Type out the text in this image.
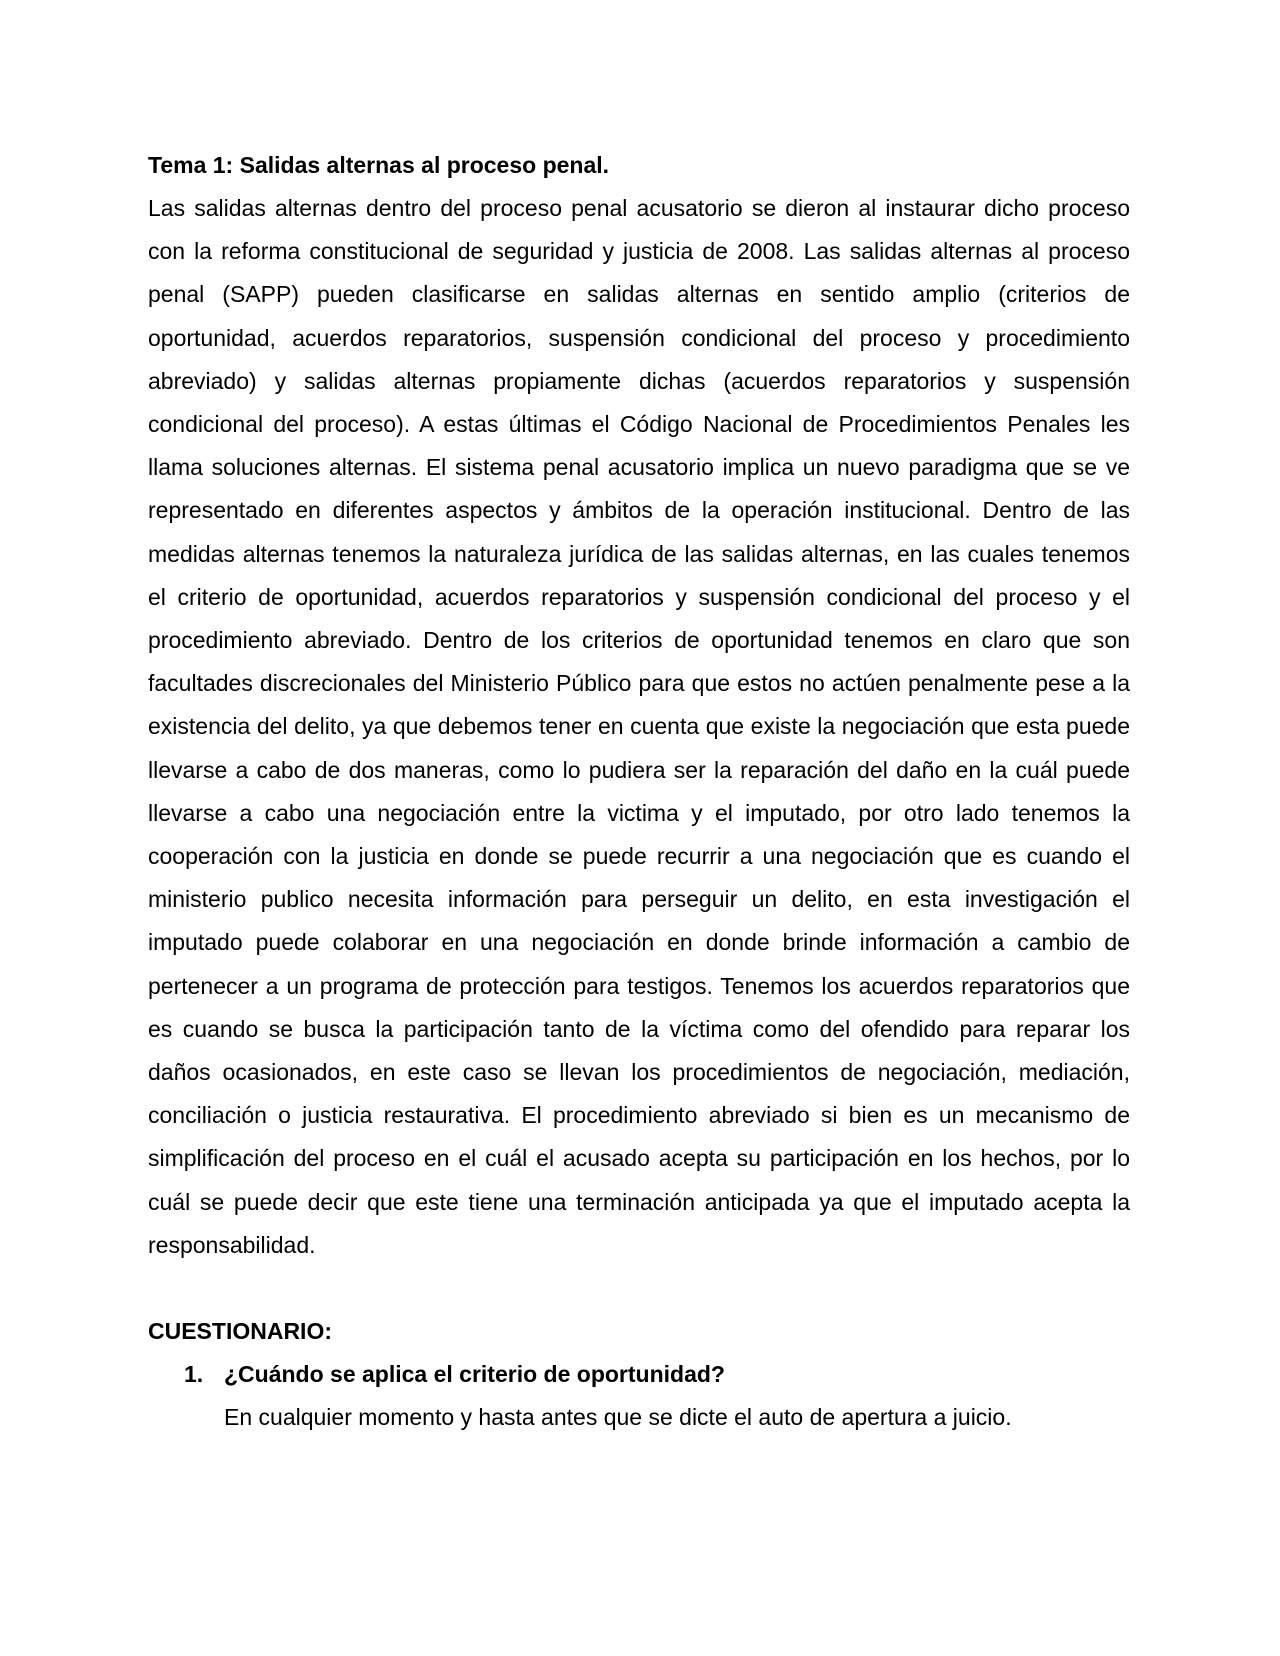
Tema 1: Salidas alternas al proceso penal.

Las salidas alternas dentro del proceso penal acusatorio se dieron al instaurar dicho proceso con la reforma constitucional de seguridad y justicia de 2008. Las salidas alternas al proceso penal (SAPP) pueden clasificarse en salidas alternas en sentido amplio (criterios de oportunidad, acuerdos reparatorios, suspensión condicional del proceso y procedimiento abreviado) y salidas alternas propiamente dichas (acuerdos reparatorios y suspensión condicional del proceso). A estas últimas el Código Nacional de Procedimientos Penales les llama soluciones alternas. El sistema penal acusatorio implica un nuevo paradigma que se ve representado en diferentes aspectos y ámbitos de la operación institucional. Dentro de las medidas alternas tenemos la naturaleza jurídica de las salidas alternas, en las cuales tenemos el criterio de oportunidad, acuerdos reparatorios y suspensión condicional del proceso y el procedimiento abreviado. Dentro de los criterios de oportunidad tenemos en claro que son facultades discrecionales del Ministerio Público para que estos no actúen penalmente pese a la existencia del delito, ya que debemos tener en cuenta que existe la negociación que esta puede llevarse a cabo de dos maneras, como lo pudiera ser la reparación del daño en la cuál puede llevarse a cabo una negociación entre la victima y el imputado, por otro lado tenemos la cooperación con la justicia en donde se puede recurrir a una negociación que es cuando el ministerio publico necesita información para perseguir un delito, en esta investigación el imputado puede colaborar en una negociación en donde brinde información a cambio de pertenecer a un programa de protección para testigos. Tenemos los acuerdos reparatorios que es cuando se busca la participación tanto de la víctima como del ofendido para reparar los daños ocasionados, en este caso se llevan los procedimientos de negociación, mediación, conciliación o justicia restaurativa. El procedimiento abreviado si bien es un mecanismo de simplificación del proceso en el cuál el acusado acepta su participación en los hechos, por lo cuál se puede decir que este tiene una terminación anticipada ya que el imputado acepta la responsabilidad.

CUESTIONARIO:

1. ¿Cuándo se aplica el criterio de oportunidad?

En cualquier momento y hasta antes que se dicte el auto de apertura a juicio.
